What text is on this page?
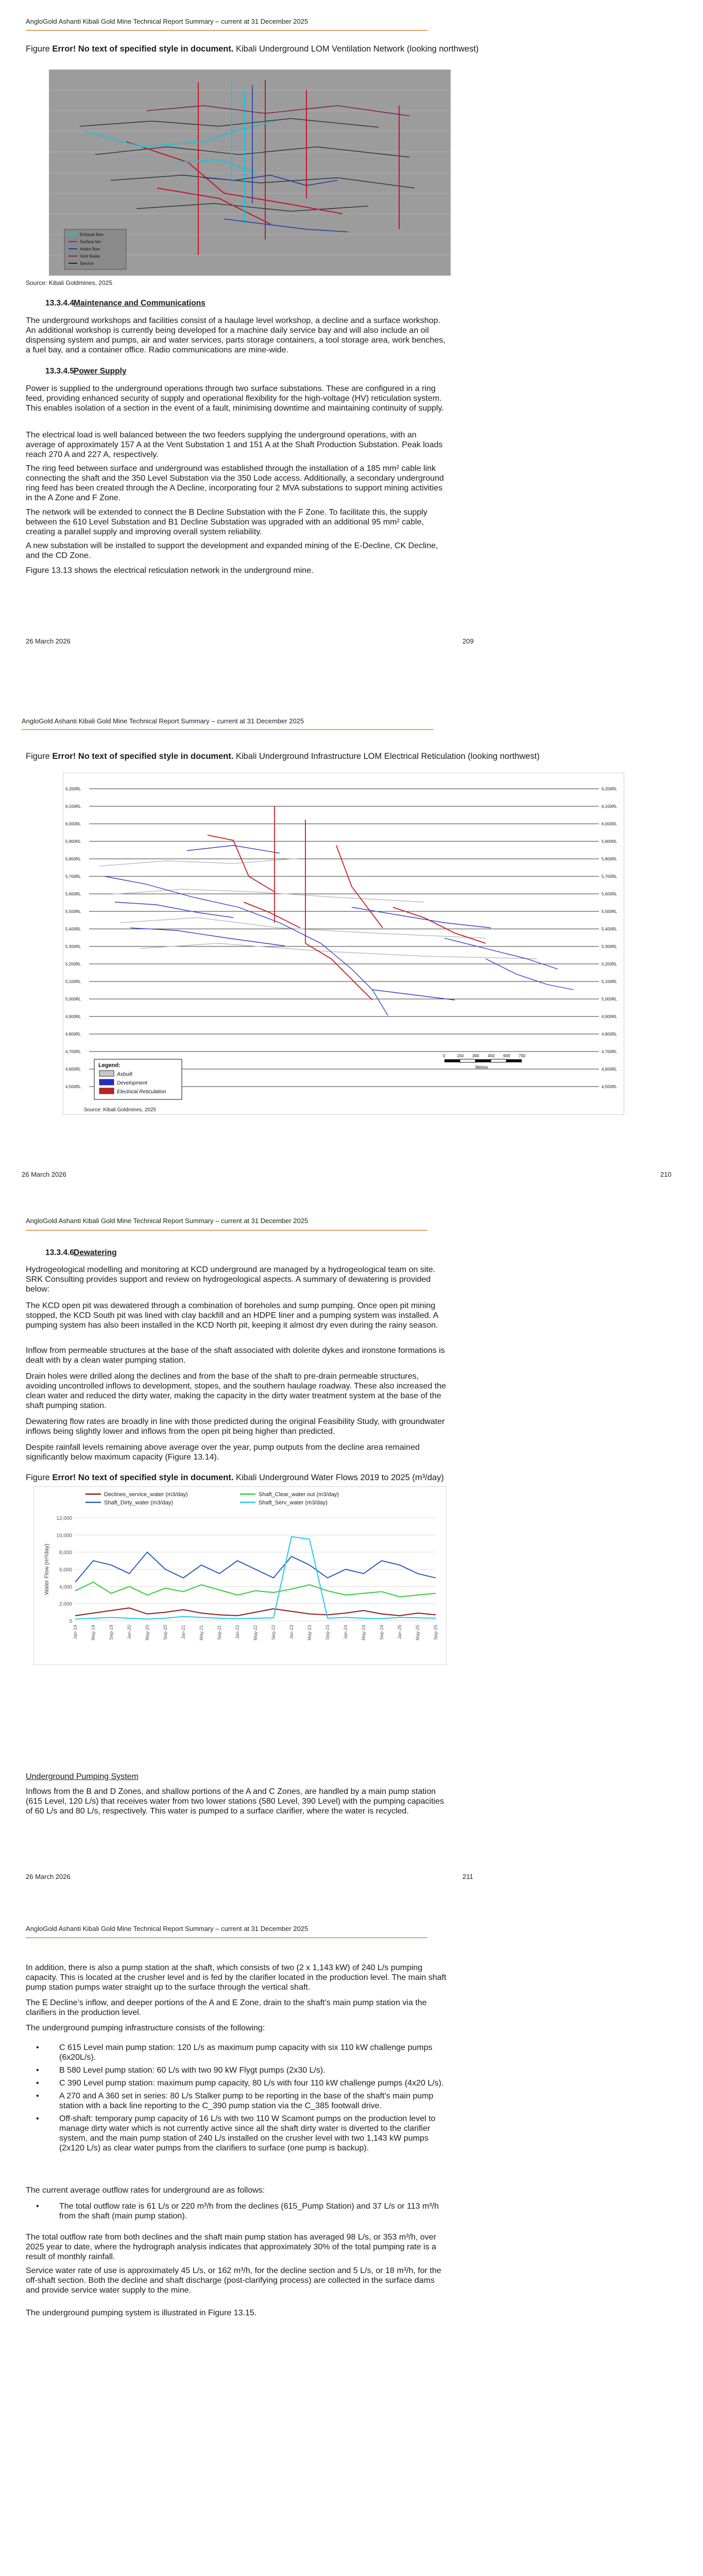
AngloGold Ashanti Kibali Gold Mine Technical Report Summary – current at 31 December 2025

Figure Error! No text of specified style in document. Kibali Underground LOM Ventilation Network (looking northwest)

Exhaust flow
Surface fan
Intake flow
Vent Raise
Service
Source: Kibali Goldmines, 2025
13.3.4.4Maintenance and Communications

The underground workshops and facilities consist of a haulage level workshop, a decline and a surface workshop. An additional workshop is currently being developed for a machine daily service bay and will also include an oil dispensing system and pumps, air and water services, parts storage containers, a tool storage area, work benches, a fuel bay, and a container office. Radio communications are mine-wide.

13.3.4.5Power Supply

Power is supplied to the underground operations through two surface substations. These are configured in a ring feed, providing enhanced security of supply and operational flexibility for the high-voltage (HV) reticulation system. This enables isolation of a section in the event of a fault, minimising downtime and maintaining continuity of supply.

The electrical load is well balanced between the two feeders supplying the underground operations, with an average of approximately 157 A at the Vent Substation 1 and 151 A at the Shaft Production Substation. Peak loads reach 270 A and 227 A, respectively.

The ring feed between surface and underground was established through the installation of a 185 mm² cable link connecting the shaft and the 350 Level Substation via the 350 Lode access. Additionally, a secondary underground ring feed has been created through the A Decline, incorporating four 2 MVA substations to support mining activities in the A Zone and F Zone.

The network will be extended to connect the B Decline Substation with the F Zone. To facilitate this, the supply between the 610 Level Substation and B1 Decline Substation was upgraded with an additional 95 mm² cable, creating a parallel supply and improving overall system reliability.

A new substation will be installed to support the development and expanded mining of the E-Decline, CK Decline, and the CD Zone.

Figure 13.13 shows the electrical reticulation network in the underground mine.

26 March 2026	209
AngloGold Ashanti Kibali Gold Mine Technical Report Summary – current at 31 December 2025

Figure Error! No text of specified style in document. Kibali Underground Infrastructure LOM Electrical Reticulation (looking northwest)

6,200RL
6,100RL
6,000RL
5,900RL
5,800RL
5,700RL
5,600RL
5,500RL
5,400RL
5,300RL
5,200RL
5,100RL
5,000RL
4,900RL
4,800RL
4,700RL
4,600RL
4,500RL
6,200RL
6,100RL
6,000RL
5,900RL
5,800RL
5,700RL
5,600RL
5,500RL
5,400RL
5,300RL
5,200RL
5,100RL
5,000RL
4,900RL
4,800RL
4,700RL
4,600RL
4,500RL
Legend:
Asbuilt
Development
Electrical Reticulation
0	150 300 450 600 750
Metres
Source: Kibali Goldmines, 2025
26 March 2026	210
AngloGold Ashanti Kibali Gold Mine Technical Report Summary – current at 31 December 2025
13.3.4.6Dewatering

Hydrogeological modelling and monitoring at KCD underground are managed by a hydrogeological team on site. SRK Consulting provides support and review on hydrogeological aspects. A summary of dewatering is provided below:

The KCD open pit was dewatered through a combination of boreholes and sump pumping. Once open pit mining stopped, the KCD South pit was lined with clay backfill and an HDPE liner and a pumping system was installed. A pumping system has also been installed in the KCD North pit, keeping it almost dry even during the rainy season.

Inflow from permeable structures at the base of the shaft associated with dolerite dykes and ironstone formations is dealt with by a clean water pumping station.

Drain holes were drilled along the declines and from the base of the shaft to pre-drain permeable structures, avoiding uncontrolled inflows to development, stopes, and the southern haulage roadway. These also increased the clean water and reduced the dirty water, making the capacity in the dirty water treatment system at the base of the shaft pumping station.

Dewatering flow rates are broadly in line with those predicted during the original Feasibility Study, with groundwater inflows being slightly lower and inflows from the open pit being higher than predicted.

Despite rainfall levels remaining above average over the year, pump outputs from the decline area remained significantly below maximum capacity (Figure 13.14).

Figure Error! No text of specified style in document. Kibali Underground Water Flows 2019 to 2025 (m³/day)

0
2,000
4,000
6,000
8,000
10,000
12,000
Water Flow (m³/day)
Jan-19	May-19	Sep-19	Jan-20	May-20	Sep-20	Jan-21	May-21	Sep-21	Jan-22	May-22	Sep-22	Jan-23	May-23	Sep-23	Jan-24	May-24	Sep-24	Jan-25	May-25	Sep-25
Declines_service_water (m3/day)	Shaft_Clear_water out (m3/day)
Shaft_Dirty_water (m3/day)	Shaft_Serv_water (m3/day)
Underground Pumping System

Inflows from the B and D Zones, and shallow portions of the A and C Zones, are handled by a main pump station (615 Level, 120 L/s) that receives water from two lower stations (580 Level, 390 Level) with the pumping capacities of 60 L/s and 80 L/s, respectively. This water is pumped to a surface clarifier, where the water is recycled.

26 March 2026	211
AngloGold Ashanti Kibali Gold Mine Technical Report Summary – current at 31 December 2025

In addition, there is also a pump station at the shaft, which consists of two (2 x 1,143 kW) of 240 L/s pumping capacity. This is located at the crusher level and is fed by the clarifier located in the production level. The main shaft pump station pumps water straight up to the surface through the vertical shaft.

The E Decline’s inflow, and deeper portions of the A and E Zone, drain to the shaft’s main pump station via the clarifiers in the production level.

The underground pumping infrastructure consists of the following:

• C 615 Level main pump station: 120 L/s as maximum pump capacity with six 110 kW challenge pumps (6x20L/s).
• B 580 Level pump station: 60 L/s with two 90 kW Flygt pumps (2x30 L/s).
• C 390 Level pump station: maximum pump capacity, 80 L/s with four 110 kW challenge pumps (4x20 L/s).
• A 270 and A 360 set in series: 80 L/s Stalker pump to be reporting in the base of the shaft’s main pump station with a back line reporting to the C_390 pump station via the C_385 footwall drive.
• Off-shaft: temporary pump capacity of 16 L/s with two 110 W Scamont pumps on the production level to manage dirty water which is not currently active since all the shaft dirty water is diverted to the clarifier system, and the main pump station of 240 L/s installed on the crusher level with two 1,143 kW pumps (2x120 L/s) as clear water pumps from the clarifiers to surface (one pump is backup).

The current average outflow rates for underground are as follows:

• The total outflow rate is 61 L/s or 220 m³/h from the declines (615_Pump Station) and 37 L/s or 113 m³/h from the shaft (main pump station).

The total outflow rate from both declines and the shaft main pump station has averaged 98 L/s, or 353 m³/h, over 2025 year to date, where the hydrograph analysis indicates that approximately 30% of the total pumping rate is a result of monthly rainfall.

Service water rate of use is approximately 45 L/s, or 162 m³/h, for the decline section and 5 L/s, or 18 m³/h, for the off-shaft section. Both the decline and shaft discharge (post-clarifying process) are collected in the surface dams and provide service water supply to the mine.

The underground pumping system is illustrated in Figure 13.15.
